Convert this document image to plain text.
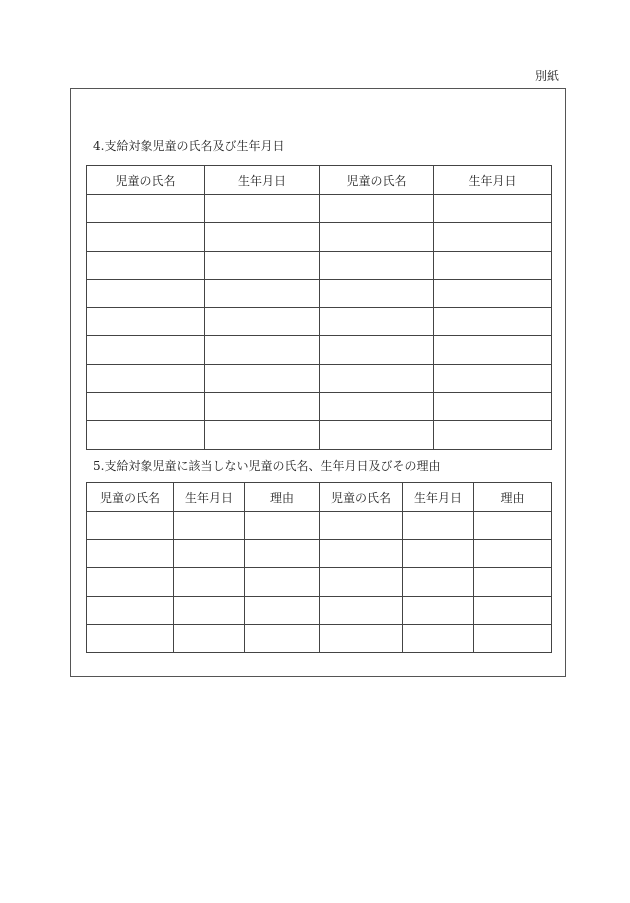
別紙
4.支給対象児童の氏名及び生年月日
児童の氏名	生年月日	児童の氏名	生年月日

5.支給対象児童に該当しない児童の氏名、生年月日及びその理由
児童の氏名	生年月日	理由	児童の氏名	生年月日	理由
